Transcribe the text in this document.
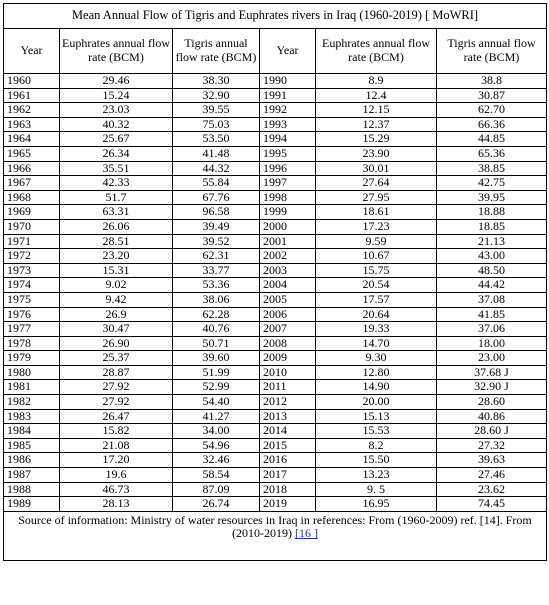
Mean Annual Flow of Tigris and Euphrates rivers in Iraq (1960-2019) [ MoWRI]					
Year	Euphrates annual flow rate (BCM)	Tigris annual flow rate (BCM)	Year	Euphrates annual flow rate (BCM)	Tigris annual flow rate (BCM)
1960	29.46	38.30	1990	8.9	38.8
1961	15.24	32.90	1991	12.4	30.87
1962	23.03	39.55	1992	12.15	62.70
1963	40.32	75.03	1993	12.37	66.36
1964	25.67	53.50	1994	15.29	44.85
1965	26.34	41.48	1995	23.90	65.36
1966	35.51	44.32	1996	30.01	38.85
1967	42.33	55.84	1997	27.64	42.75
1968	51.7	67.76	1998	27.95	39.95
1969	63.31	96.58	1999	18.61	18.88
1970	26.06	39.49	2000	17.23	18.85
1971	28.51	39.52	2001	9.59	21.13
1972	23.20	62.31	2002	10.67	43.00
1973	15.31	33.77	2003	15.75	48.50
1974	9.02	53.36	2004	20.54	44.42
1975	9.42	38.06	2005	17.57	37.08
1976	26.9	62.28	2006	20.64	41.85
1977	30.47	40.76	2007	19.33	37.06
1978	26.90	50.71	2008	14.70	18.00
1979	25.37	39.60	2009	9.30	23.00
1980	28.87	51.99	2010	12.80	37.68 J
1981	27.92	52.99	2011	14.90	32.90 J
1982	27.92	54.40	2012	20.00	28.60
1983	26.47	41.27	2013	15.13	40.86
1984	15.82	34.00	2014	15.53	28.60 J
1985	21.08	54.96	2015	8.2	27.32
1986	17.20	32.46	2016	15.50	39.63
1987	19.6	58.54	2017	13.23	27.46
1988	46.73	87.09	2018	9. 5	23.62
1989	28.13	26.74	2019	16.95	74.45
Source of information: Ministry of water resources in Iraq in references: From (1960-2009) ref. [14]. From (2010-2019) [16 ]					
